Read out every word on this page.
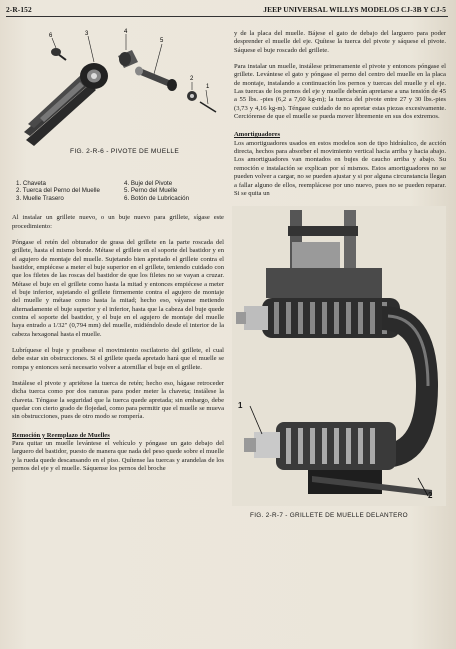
2-R-152	JEEP UNIVERSAL WILLYS MODELOS CJ-3B Y CJ-5
6	3	4
5
2
1
FIG. 2-R-6 - PIVOTE DE MUELLE
1. Chaveta	4. Buje del Pivote
2. Tuerca del Perno del Muelle	5. Perno del Muelle
3. Muelle Trasero	6. Botón de Lubricación

Al instalar un grillete nuevo, o un buje nuevo para grillete, sígase este procedimiento:

Póngase el retén del obturador de grasa del grillete en la parte roscada del grillete, hasta el mismo borde. Métase el grillete en el soporte del bastidor y en el agujero de montaje del muelle. Sujetando bien apretado el grillete contra el bastidor, empiécese a meter el buje superior en el grillete, teniendo cuidado con que los filetes de las roscas del bastidor de que los filetes no se vayan a cruzar. Métase el buje en el grillete como hasta la mitad y entonces empiécese a meter el buje inferior, sujetando el grillete firmemente contra el agujero de montaje del muelle y métase como hasta la mitad; hecho eso, váyanse metiendo alternadamente el buje superior y el inferior, hasta que la cabeza del buje quede contra el soporte del bastidor, y el buje en el agujero de montaje del muelle haya entrado a 1/32" (0,794 mm) del muelle, midiéndolo desde el interior de la cabeza hexagonal hasta el muelle.

Lubríquese el buje y pruébese el movimiento oscilatorio del grillete, el cual debe estar sin obstrucciones. Si el grillete queda apretado hará que el muelle se rompa y entonces será necesario volver a atornillar el buje en el grillete.

Instálese el pivote y apriétese la tuerca de retén; hecho eso, hágase retroceder dicha tuerca como por dos ranuras para poder meter la chaveta; instálese la chaveta. Téngase la seguridad que la tuerca quede apretada; sin embargo, debe quedar con cierto grado de flojedad, como para permitir que el muelle se mueva sin obstrucciones, pues de otro modo se rompería.

Remoción y Reemplazo de Muelles

Para quitar un muelle levántese el vehículo y póngase un gato debajo del larguero del bastidor, puesto de manera que nada del peso quede sobre el muelle y la rueda quede descansando en el piso. Quítense las tuercas y arandelas de los pernos del eje y el muelle. Sáquense los pernos del broche

y de la placa del muelle. Bájese el gato de debajo del larguero para poder desprender el muelle del eje. Quítese la tuerca del pivote y sáquese el pivote. Sáquese el buje roscado del grillete.

Para instalar un muelle, instálese primeramente el pivote y entonces póngase el grillete. Levántese el gato y póngase el perno del centro del muelle en la placa de montaje, instalando a continuación los pernos y tuercas del muelle y el eje. Las tuercas de los pernos del eje y muelle deberán apretarse a una tensión de 45 a 55 lbs. -pies (6,2 a 7,60 kg-m); la tuerca del pivote entre 27 y 30 lbs.-pies (3,73 y 4,16 kg-m). Téngase cuidado de no apretar estas piezas excesivamente. Cerciórense de que el muelle se pueda mover libremente en sus dos extremos.

Amortiguadores

Los amortiguadores usados en estos modelos son de tipo hidráulico, de acción directa, hechos para absorber el movimiento vertical hacia arriba y hacia abajo. Los amortiguadores van montados en bujes de caucho arriba y abajo. Su remoción e instalación se explican por sí mismos. Estos amortiguadores no se pueden volver a cargar, no se pueden ajustar y si por alguna circunstancia llegan a fallar alguno de ellos, reemplácese por uno nuevo, pues no se pueden reparar. Si se quita un

1
2
FIG. 2-R-7 - GRILLETE DE MUELLE DELANTERO
